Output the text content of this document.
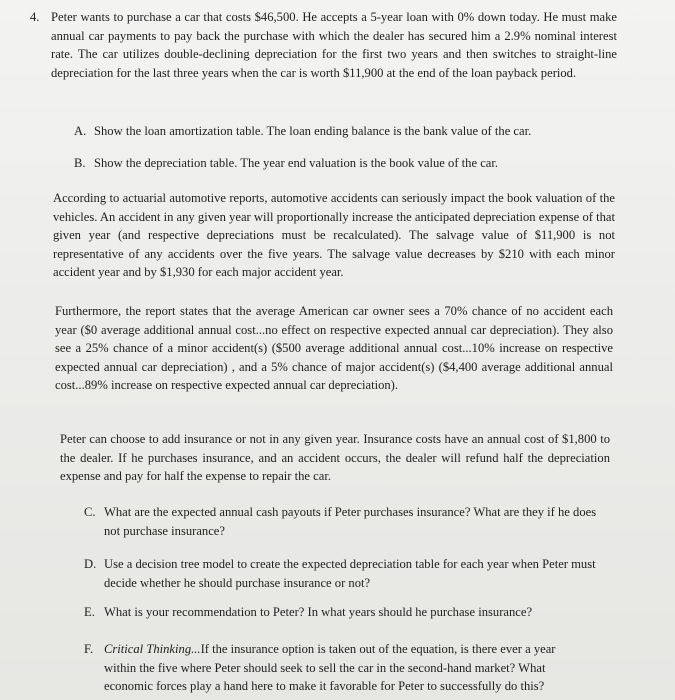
4. Peter wants to purchase a car that costs $46,500. He accepts a 5-year loan with 0% down today. He must make annual car payments to pay back the purchase with which the dealer has secured him a 2.9% nominal interest rate. The car utilizes double-declining depreciation for the first two years and then switches to straight-line depreciation for the last three years when the car is worth $11,900 at the end of the loan payback period.

A. Show the loan amortization table. The loan ending balance is the bank value of the car.

B. Show the depreciation table. The year end valuation is the book value of the car.

According to actuarial automotive reports, automotive accidents can seriously impact the book valuation of the vehicles. An accident in any given year will proportionally increase the anticipated depreciation expense of that given year (and respective depreciations must be recalculated). The salvage value of $11,900 is not representative of any accidents over the five years. The salvage value decreases by $210 with each minor accident year and by $1,930 for each major accident year.

Furthermore, the report states that the average American car owner sees a 70% chance of no accident each year ($0 average additional annual cost...no effect on respective expected annual car depreciation). They also see a 25% chance of a minor accident(s) ($500 average additional annual cost...10% increase on respective expected annual car depreciation) , and a 5% chance of major accident(s) ($4,400 average additional annual cost...89% increase on respective expected annual car depreciation).

Peter can choose to add insurance or not in any given year. Insurance costs have an annual cost of $1,800 to the dealer. If he purchases insurance, and an accident occurs, the dealer will refund half the depreciation expense and pay for half the expense to repair the car.

C. What are the expected annual cash payouts if Peter purchases insurance? What are they if he does not purchase insurance?

D. Use a decision tree model to create the expected depreciation table for each year when Peter must decide whether he should purchase insurance or not?

E. What is your recommendation to Peter? In what years should he purchase insurance?

F. Critical Thinking...If the insurance option is taken out of the equation, is there ever a year within the five where Peter should seek to sell the car in the second-hand market? What economic forces play a hand here to make it favorable for Peter to successfully do this?
